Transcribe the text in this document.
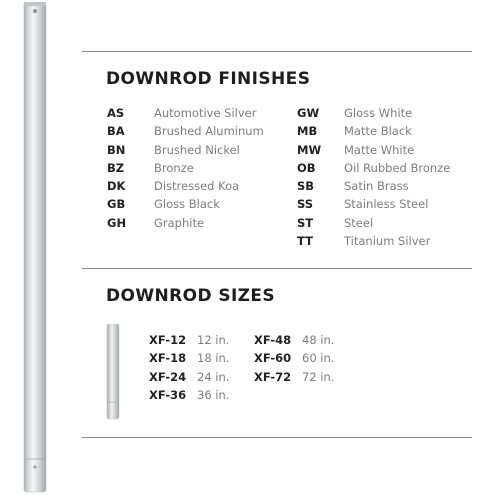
DOWNROD FINISHES
AS	Automotive Silver
BA	Brushed Aluminum
BN Brushed Nickel
BZ	Bronze
DK Distressed Koa
GB	Gloss Black
GH Graphite
GW Gloss White
MB Matte Black
MW Matte White
OB Oil Rubbed Bronze
SB	Satin Brass
SS	Stainless Steel
ST	Steel
TT	Titanium Silver
DOWNROD SIZES
XF-12 12 in.
XF-18 18 in.
XF-24 24 in.
XF-36 36 in.
XF-48 48 in.
XF-60 60 in.
XF-72 72 in.
